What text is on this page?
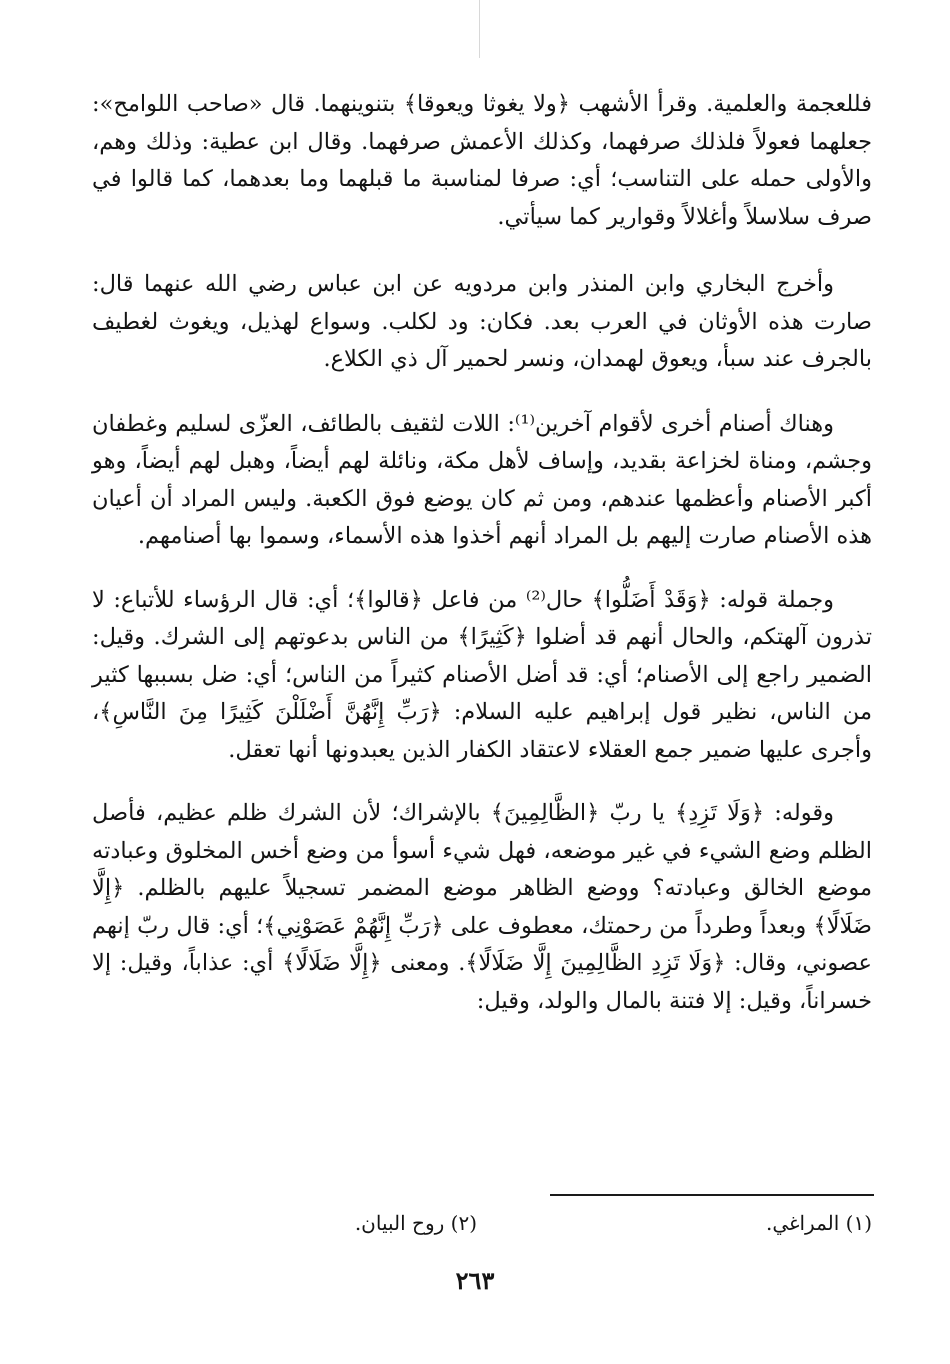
فللعجمة والعلمية. وقرأ الأشهب ﴿ولا يغوثا ويعوقا﴾ بتنوينهما. قال «صاحب اللوامح»: جعلهما فعولاً فلذلك صرفهما، وكذلك الأعمش صرفهما. وقال ابن عطية: وذلك وهم، والأولى حمله على التناسب؛ أي: صرفا لمناسبة ما قبلهما وما بعدهما، كما قالوا في صرف سلاسلاً وأغلالاً وقوارير كما سيأتي.

وأخرج البخاري وابن المنذر وابن مردويه عن ابن عباس رضي الله عنهما قال: صارت هذه الأوثان في العرب بعد. فكان: ود لكلب. وسواع لهذيل، ويغوث لغطيف بالجرف عند سبأ، ويعوق لهمدان، ونسر لحمير آل ذي الكلاع.

وهناك أصنام أخرى لأقوام آخرين⁽¹⁾: اللات لثقيف بالطائف، العزّى لسليم وغطفان وجشم، ومناة لخزاعة بقديد، وإساف لأهل مكة، ونائلة لهم أيضاً، وهبل لهم أيضاً، وهو أكبر الأصنام وأعظمها عندهم، ومن ثم كان يوضع فوق الكعبة. وليس المراد أن أعيان هذه الأصنام صارت إليهم بل المراد أنهم أخذوا هذه الأسماء، وسموا بها أصنامهم.

وجملة قوله: ﴿وَقَدْ أَضَلُّوا﴾ حال⁽²⁾ من فاعل ﴿قالوا﴾؛ أي: قال الرؤساء للأتباع: لا تذرون آلهتكم، والحال أنهم قد أضلوا ﴿كَثِيرًا﴾ من الناس بدعوتهم إلى الشرك. وقيل: الضمير راجع إلى الأصنام؛ أي: قد أضل الأصنام كثيراً من الناس؛ أي: ضل بسببها كثير من الناس، نظير قول إبراهيم عليه السلام: ﴿رَبِّ إِنَّهُنَّ أَضْلَلْنَ كَثِيرًا مِنَ النَّاسِ﴾، وأجرى عليها ضمير جمع العقلاء لاعتقاد الكفار الذين يعبدونها أنها تعقل.

وقوله: ﴿وَلَا تَزِدِ﴾ يا ربّ ﴿الظَّالِمِينَ﴾ بالإشراك؛ لأن الشرك ظلم عظيم، فأصل الظلم وضع الشيء في غير موضعه، فهل شيء أسوأ من وضع أخس المخلوق وعبادته موضع الخالق وعبادته؟ ووضع الظاهر موضع المضمر تسجيلاً عليهم بالظلم. ﴿إِلَّا ضَلَالًا﴾ وبعداً وطرداً من رحمتك، معطوف على ﴿رَبِّ إِنَّهُمْ عَصَوْنِي﴾؛ أي: قال ربّ إنهم عصوني، وقال: ﴿وَلَا تَزِدِ الظَّالِمِينَ إِلَّا ضَلَالًا﴾. ومعنى ﴿إِلَّا ضَلَالًا﴾ أي: عذاباً، وقيل: إلا خسراناً، وقيل: إلا فتنة بالمال والولد، وقيل:

(١) المراغي.
(٢) روح البيان.
٢٦٣
